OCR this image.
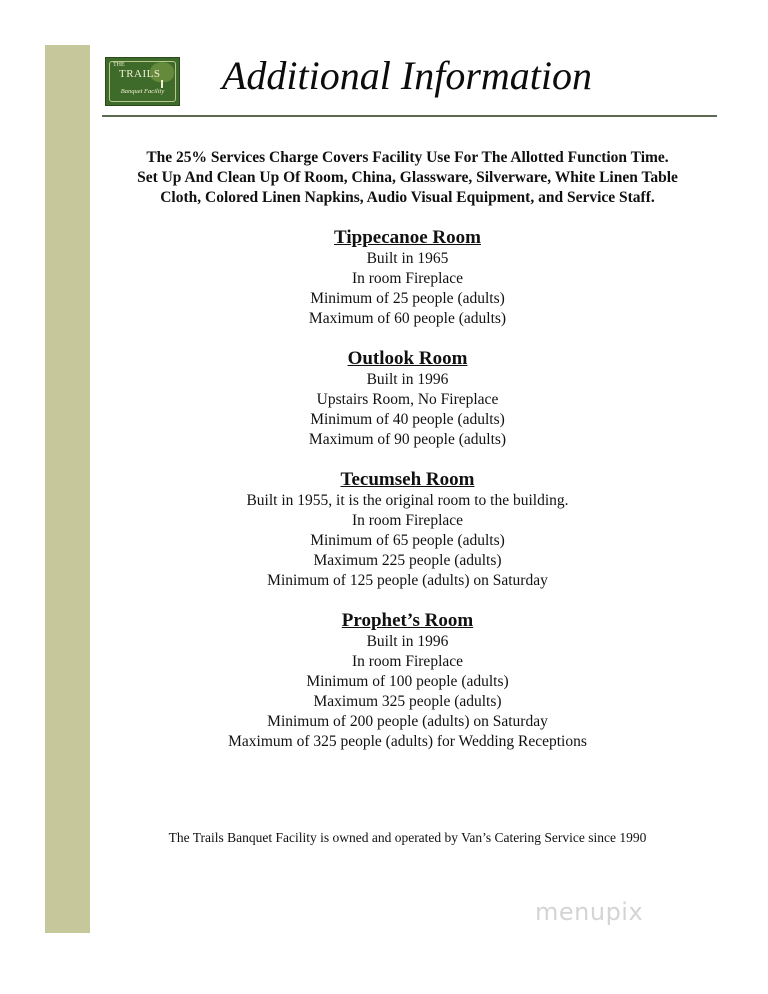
THE
TRAILS
Banquet Facility Additional Information

The 25% Services Charge Covers Facility Use For The Allotted Function Time.
Set Up And Clean Up Of Room, China, Glassware, Silverware, White Linen Table
Cloth, Colored Linen Napkins, Audio Visual Equipment, and Service Staff.

Tippecanoe Room
Built in 1965
In room Fireplace
Minimum of 25 people (adults)
Maximum of 60 people (adults)
Outlook Room
Built in 1996
Upstairs Room, No Fireplace
Minimum of 40 people (adults)
Maximum of 90 people (adults)
Tecumseh Room
Built in 1955, it is the original room to the building.
In room Fireplace
Minimum of 65 people (adults)
Maximum 225 people (adults)
Minimum of 125 people (adults) on Saturday
Prophet’s Room
Built in 1996
In room Fireplace
Minimum of 100 people (adults)
Maximum 325 people (adults)
Minimum of 200 people (adults) on Saturday
Maximum of 325 people (adults) for Wedding Receptions
The Trails Banquet Facility is owned and operated by Van’s Catering Service since 1990
menupix
